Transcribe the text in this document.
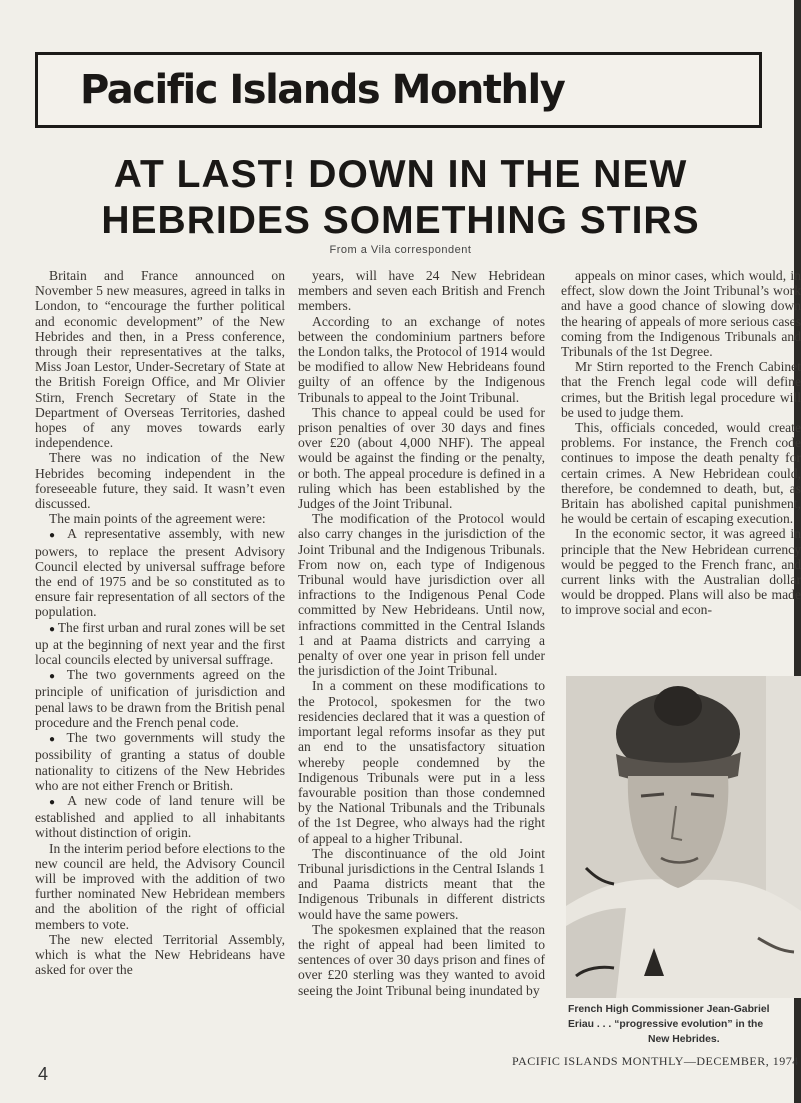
Pacific Islands Monthly
AT LAST! DOWN IN THE NEW
HEBRIDES SOMETHING STIRS
From a Vila correspondent

Britain and France announced on November 5 new measures, agreed in talks in London, to “encourage the further political and economic development” of the New Hebrides and then, in a Press conference, through their representatives at the talks, Miss Joan Lestor, Under-Secretary of State at the British Foreign Office, and Mr Olivier Stirn, French Secretary of State in the Department of Overseas Territories, dashed hopes of any moves towards early independence.

There was no indication of the New Hebrides becoming independent in the foreseeable future, they said. It wasn’t even discussed.

The main points of the agreement were:

● A representative assembly, with new powers, to replace the present Advisory Council elected by universal suffrage before the end of 1975 and be so constituted as to ensure fair representation of all sectors of the population.

● The first urban and rural zones will be set up at the beginning of next year and the first local councils elected by universal suffrage.

● The two governments agreed on the principle of unification of jurisdiction and penal laws to be drawn from the British penal procedure and the French penal code.

● The two governments will study the possibility of granting a status of double nationality to citizens of the New Hebrides who are not either French or British.

● A new code of land tenure will be established and applied to all inhabitants without distinction of origin.

In the interim period before elections to the new council are held, the Advisory Council will be improved with the addition of two further nominated New Hebridean members and the abolition of the right of official members to vote.

The new elected Territorial Assembly, which is what the New Hebrideans have asked for over the

years, will have 24 New Hebridean members and seven each British and French members.

According to an exchange of notes between the condominium partners before the London talks, the Protocol of 1914 would be modified to allow New Hebrideans found guilty of an offence by the Indigenous Tribunals to appeal to the Joint Tribunal.

This chance to appeal could be used for prison penalties of over 30 days and fines over £20 (about 4,000 NHF). The appeal would be against the finding or the penalty, or both. The appeal procedure is defined in a ruling which has been established by the Judges of the Joint Tribunal.

The modification of the Protocol would also carry changes in the jurisdiction of the Joint Tribunal and the Indigenous Tribunals. From now on, each type of Indigenous Tribunal would have jurisdiction over all infractions to the Indigenous Penal Code committed by New Hebrideans. Until now, infractions committed in the Central Islands 1 and at Paama districts and carrying a penalty of over one year in prison fell under the jurisdiction of the Joint Tribunal.

In a comment on these modifications to the Protocol, spokesmen for the two residencies declared that it was a question of important legal reforms insofar as they put an end to the unsatisfactory situation whereby people condemned by the Indigenous Tribunals were put in a less favourable position than those condemned by the National Tribunals and the Tribunals of the 1st Degree, who always had the right of appeal to a higher Tribunal.

The discontinuance of the old Joint Tribunal jurisdictions in the Central Islands 1 and Paama districts meant that the Indigenous Tribunals in different districts would have the same powers.

The spokesmen explained that the reason the right of appeal had been limited to sentences of over 30 days prison and fines of over £20 sterling was they wanted to avoid seeing the Joint Tribunal being inundated by

appeals on minor cases, which would, in effect, slow down the Joint Tribunal’s work and have a good chance of slowing down the hearing of appeals of more serious cases coming from the Indigenous Tribunals and Tribunals of the 1st Degree.

Mr Stirn reported to the French Cabinet that the French legal code will define crimes, but the British legal procedure will be used to judge them.

This, officials conceded, would create problems. For instance, the French code continues to impose the death penalty for certain crimes. A New Hebridean could, therefore, be condemned to death, but, as Britain has abolished capital punishment, he would be certain of escaping execution.

In the economic sector, it was agreed in principle that the New Hebridean currency would be pegged to the French franc, and current links with the Australian dollar would be dropped. Plans will also be made to improve social and econ-

French High Commissioner Jean-Gabriel

Eriau . . . “progressive evolution” in the

New Hebrides.

4
PACIFIC ISLANDS MONTHLY—DECEMBER, 1974
